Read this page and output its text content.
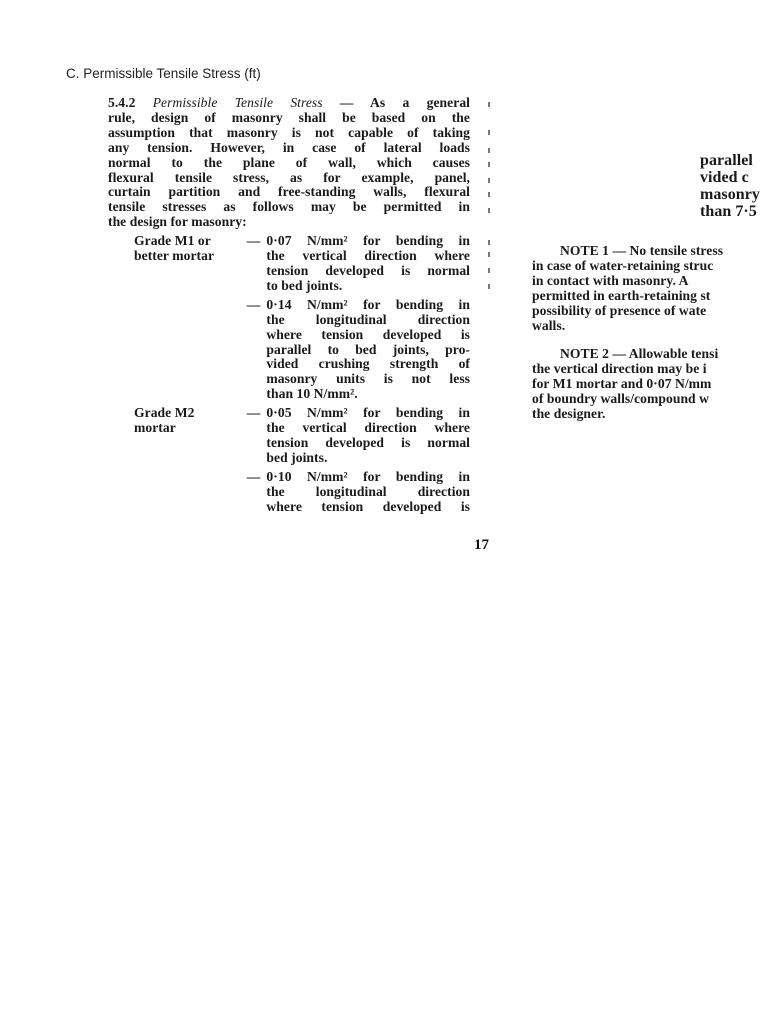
C. Permissible Tensile Stress (ft)
5.4.2 Permissible Tensile Stress — As a general
rule, design of masonry shall be based on the
assumption that masonry is not capable of taking
any tension. However, in case of lateral loads
normal to the plane of wall, which causes
flexural tensile stress, as for example, panel,
curtain partition and free-standing walls, flexural
tensile stresses as follows may be permitted in
the design for masonry:
Grade M1 or
better mortar
— 0·07 N/mm² for bending in
the vertical direction where
tension developed is normal
to bed joints.
— 0·14 N/mm² for bending in
the longitudinal direction
where tension developed is
parallel to bed joints, pro-
vided crushing strength of
masonry units is not less
than 10 N/mm².
Grade M2
mortar
— 0·05 N/mm² for bending in
the vertical direction where
tension developed is normal
bed joints.
— 0·10 N/mm² for bending in
the longitudinal direction
where tension developed is
17
parallel
vided c
masonry
than 7·5

NOTE 1 — No tensile stress

in case of water-retaining struc

in contact with masonry. A

permitted in earth-retaining st

possibility of presence of wate

walls.

NOTE 2 — Allowable tensi

the vertical direction may be i

for M1 mortar and 0·07 N/mm

of boundry walls/compound w

the designer.
